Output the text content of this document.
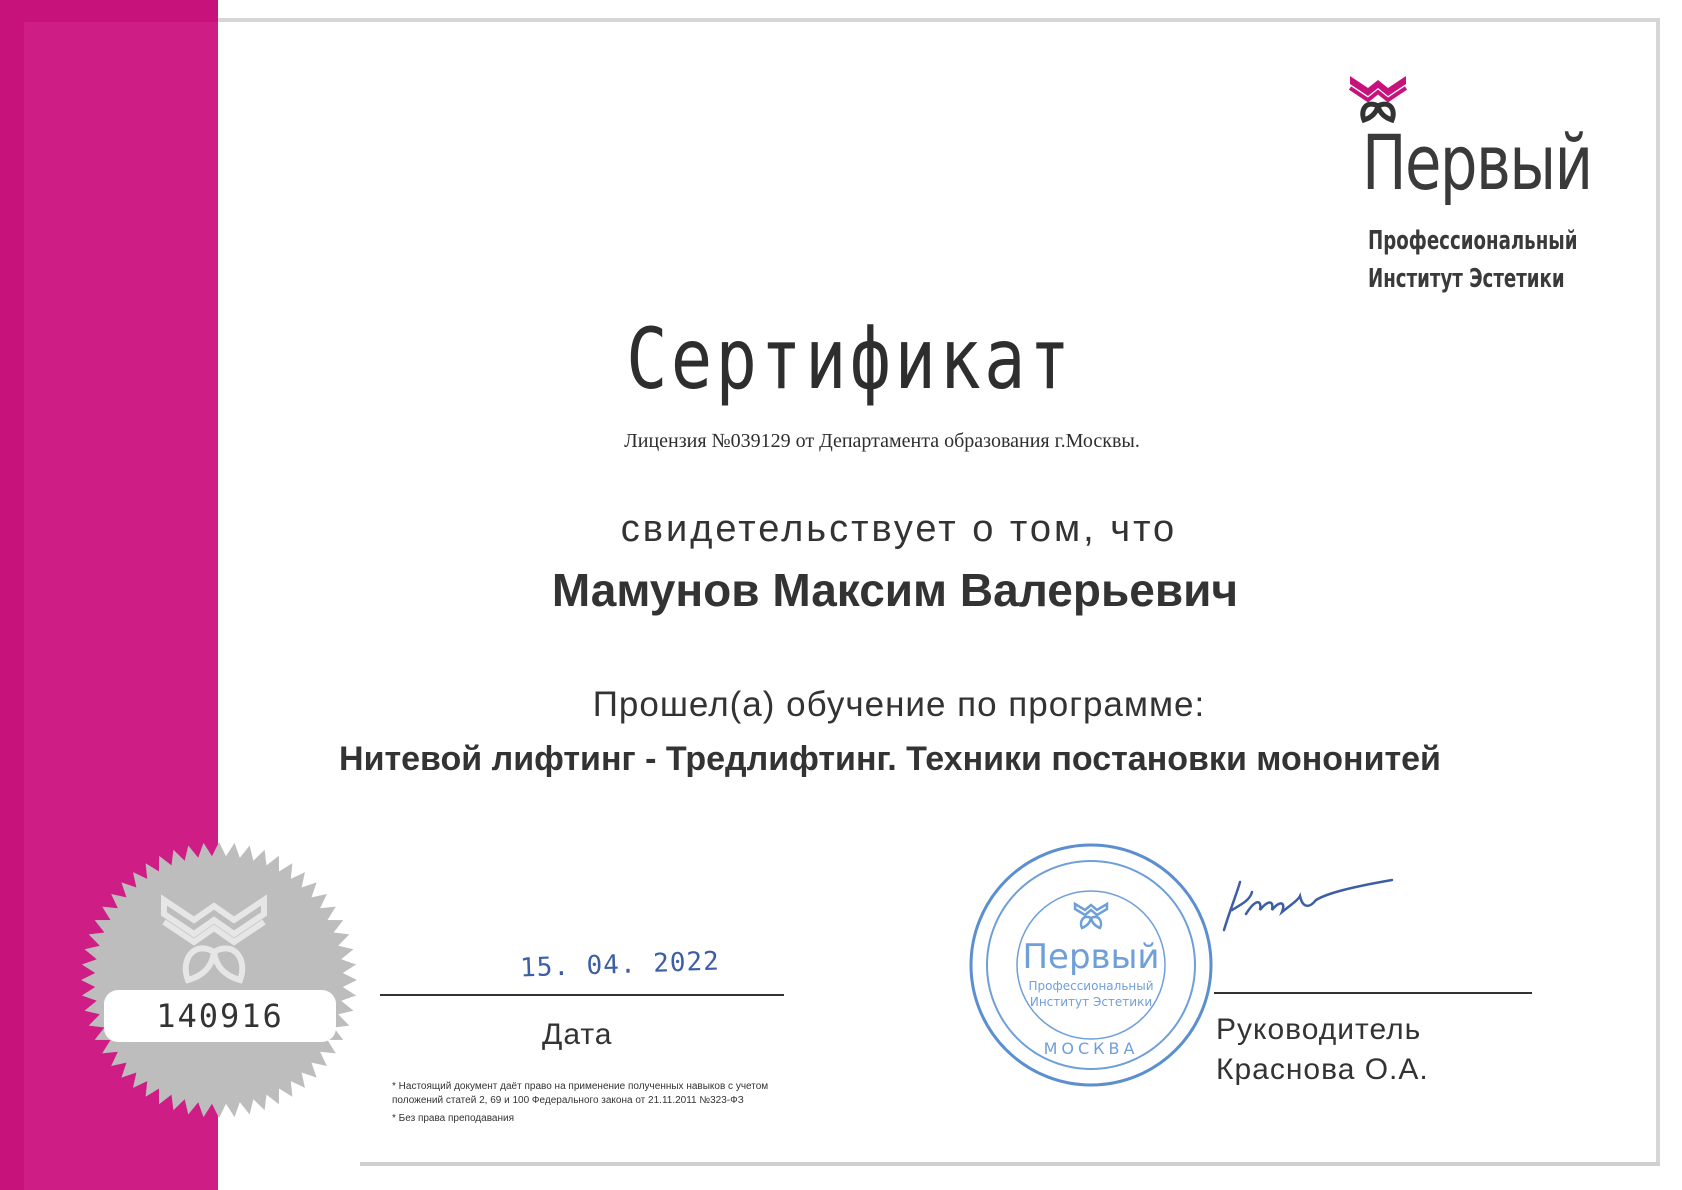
Первый
Профессиональный
Институт Эстетики
Сертификат
Лицензия №039129 от Департамента образования г.Москвы.
свидетельствует о том, что
Мамунов Максим Валерьевич
Прошел(а) обучение по программе:
Нитевой лифтинг - Тредлифтинг. Техники постановки мононитей
140916
15. 04. 2022
Дата

* Настоящий документ даёт право на применение полученных навыков с учетом положений статей 2, 69 и 100 Федерального закона от 21.11.2011 №323-ФЗ

* Без права преподавания

Первый
Профессиональный
Институт Эстетики
МОСКВА
Руководитель
Краснова О.А.
